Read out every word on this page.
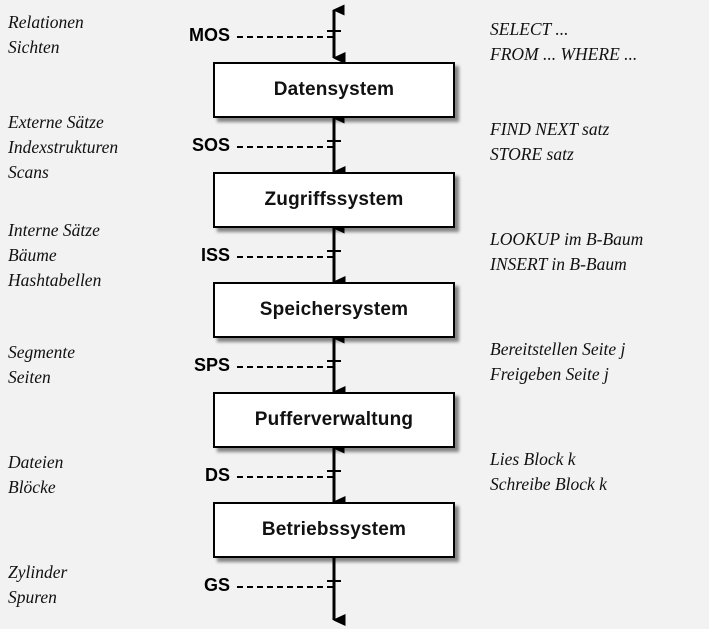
MOS
SOS
ISS
SPS
DS
GS
Datensystem
Zugriffssystem
Speichersystem
Pufferverwaltung
Betriebssystem
Relationen
Sichten
Externe Sätze
Indexstrukturen
Scans
Interne Sätze
Bäume
Hashtabellen
Segmente
Seiten
Dateien
Blöcke
Zylinder
Spuren
SELECT ...
FROM ... WHERE ...
FIND NEXT satz
STORE satz
LOOKUP im B-Baum
INSERT in B-Baum
Bereitstellen Seite j
Freigeben Seite j
Lies Block k
Schreibe Block k
